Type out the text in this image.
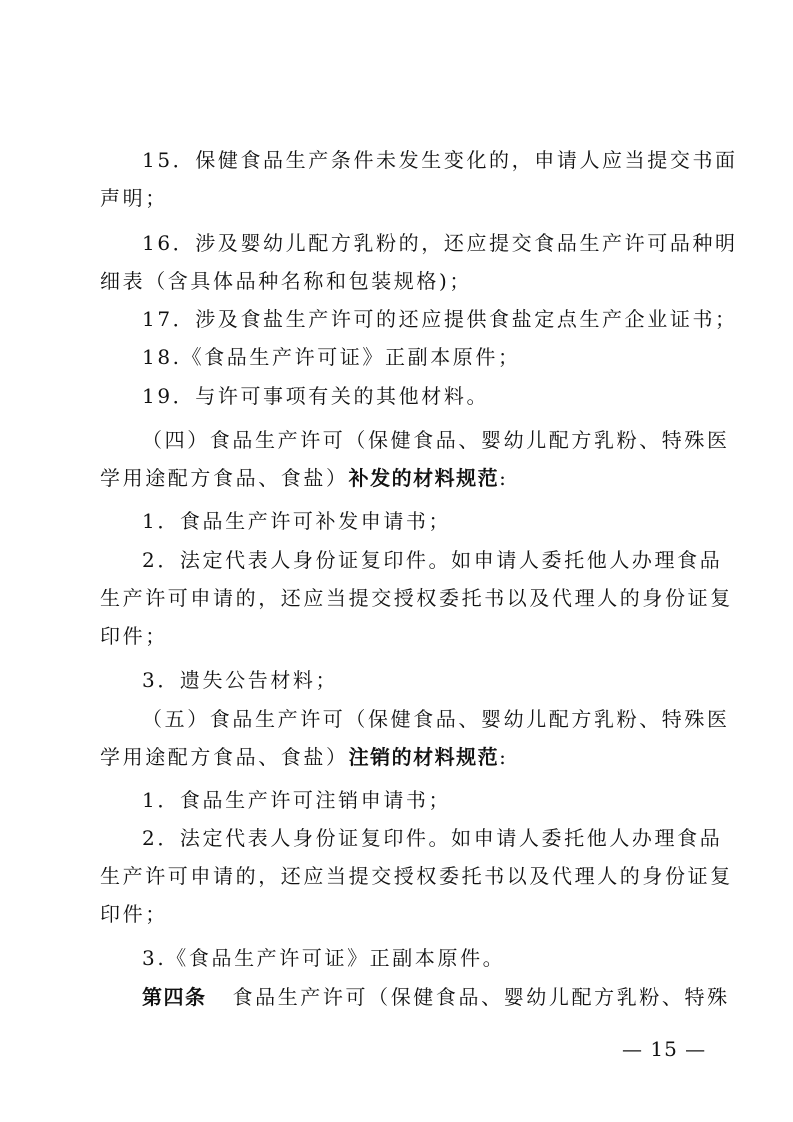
15．保健食品生产条件未发生变化的，申请人应当提交书面
声明；
16．涉及婴幼儿配方乳粉的，还应提交食品生产许可品种明
细表（含具体品种名称和包装规格)；
17．涉及食盐生产许可的还应提供食盐定点生产企业证书；
18.《食品生产许可证》正副本原件；
19．与许可事项有关的其他材料。
（四）食品生产许可（保健食品、婴幼儿配方乳粉、特殊医
学用途配方食品、食盐）补发的材料规范:
1．食品生产许可补发申请书；
2．法定代表人身份证复印件。如申请人委托他人办理食品
生产许可申请的，还应当提交授权委托书以及代理人的身份证复
印件；
3．遗失公告材料；
（五）食品生产许可（保健食品、婴幼儿配方乳粉、特殊医
学用途配方食品、食盐）注销的材料规范:
1．食品生产许可注销申请书；
2．法定代表人身份证复印件。如申请人委托他人办理食品
生产许可申请的，还应当提交授权委托书以及代理人的身份证复
印件；
3.《食品生产许可证》正副本原件。
第四条 食品生产许可（保健食品、婴幼儿配方乳粉、特殊
— 15 —
